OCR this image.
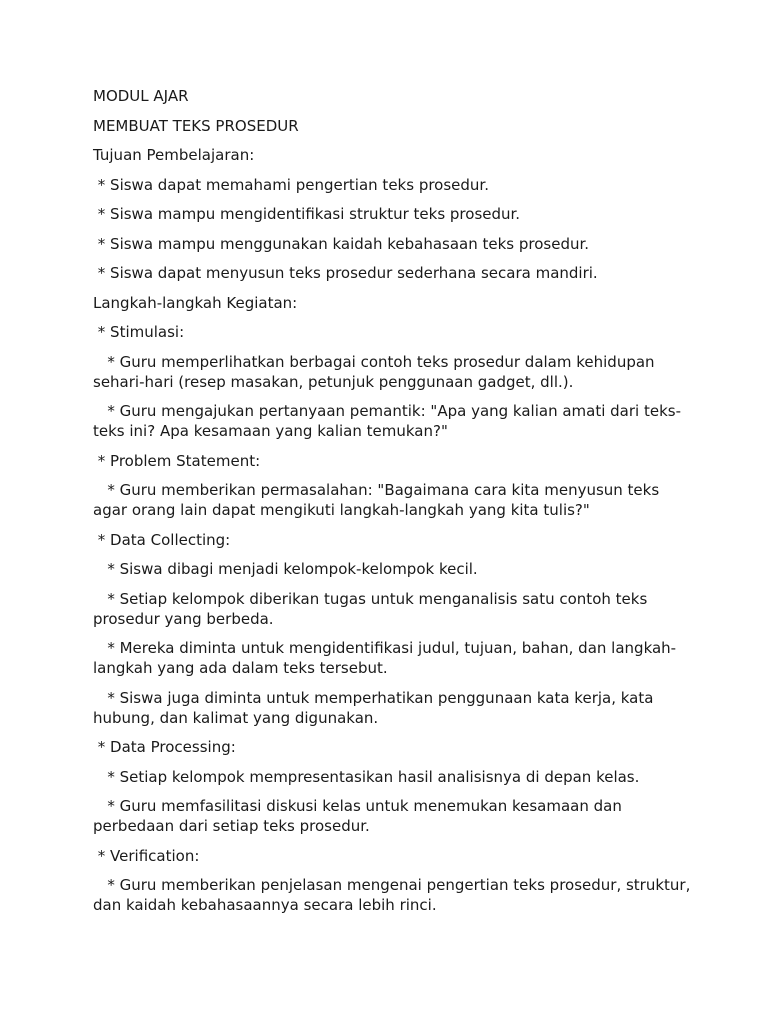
MODUL AJAR

MEMBUAT TEKS PROSEDUR

Tujuan Pembelajaran:

* Siswa dapat memahami pengertian teks prosedur.

* Siswa mampu mengidentifikasi struktur teks prosedur.

* Siswa mampu menggunakan kaidah kebahasaan teks prosedur.

* Siswa dapat menyusun teks prosedur sederhana secara mandiri.

Langkah-langkah Kegiatan:

* Stimulasi:

* Guru memperlihatkan berbagai contoh teks prosedur dalam kehidupan sehari-hari (resep masakan, petunjuk penggunaan gadget, dll.).

* Guru mengajukan pertanyaan pemantik: "Apa yang kalian amati dari teks-teks ini? Apa kesamaan yang kalian temukan?"

* Problem Statement:

* Guru memberikan permasalahan: "Bagaimana cara kita menyusun teks agar orang lain dapat mengikuti langkah-langkah yang kita tulis?"

* Data Collecting:

* Siswa dibagi menjadi kelompok-kelompok kecil.

* Setiap kelompok diberikan tugas untuk menganalisis satu contoh teks prosedur yang berbeda.

* Mereka diminta untuk mengidentifikasi judul, tujuan, bahan, dan langkah-langkah yang ada dalam teks tersebut.

* Siswa juga diminta untuk memperhatikan penggunaan kata kerja, kata hubung, dan kalimat yang digunakan.

* Data Processing:

* Setiap kelompok mempresentasikan hasil analisisnya di depan kelas.

* Guru memfasilitasi diskusi kelas untuk menemukan kesamaan dan perbedaan dari setiap teks prosedur.

* Verification:

* Guru memberikan penjelasan mengenai pengertian teks prosedur, struktur, dan kaidah kebahasaannya secara lebih rinci.
